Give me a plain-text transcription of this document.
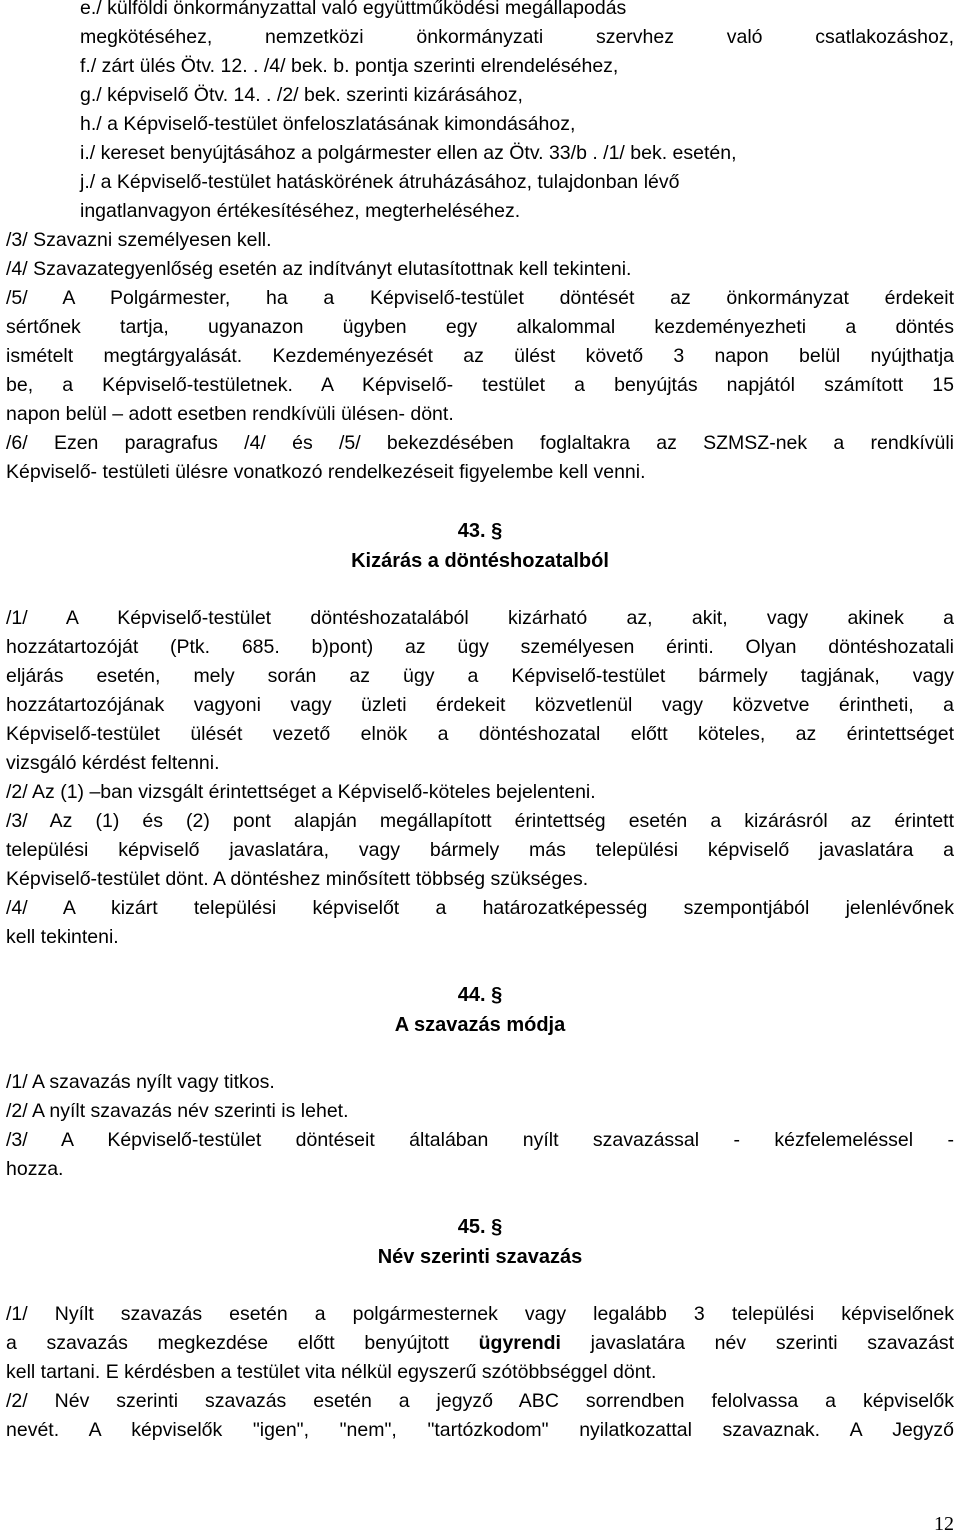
e./ külföldi önkormányzattal való együttműködési megállapodás
megkötéséhez, nemzetközi önkormányzati szervhez való csatlakozáshoz,
f./ zárt ülés Ötv. 12. . /4/ bek. b. pontja szerinti elrendeléséhez,
g./ képviselő Ötv. 14. . /2/ bek. szerinti kizárásához,
h./ a Képviselő-testület önfeloszlatásának kimondásához,
i./ kereset benyújtásához a polgármester ellen az Ötv. 33/b . /1/ bek. esetén,
j./ a Képviselő-testület hatáskörének átruházásához, tulajdonban lévő
ingatlanvagyon értékesítéséhez, megterheléséhez.
/3/ Szavazni személyesen kell.
/4/ Szavazategyenlőség esetén az indítványt elutasítottnak kell tekinteni.
/5/ A Polgármester, ha a Képviselő-testület döntését az önkormányzat érdekeit
sértőnek tartja, ugyanazon ügyben egy alkalommal kezdeményezheti a döntés
ismételt megtárgyalását. Kezdeményezését az ülést követő 3 napon belül nyújthatja
be, a Képviselő-testületnek. A Képviselő- testület a benyújtás napjától számított 15
napon belül – adott esetben rendkívüli ülésen- dönt.
/6/ Ezen paragrafus /4/ és /5/ bekezdésében foglaltakra az SZMSZ-nek a rendkívüli
Képviselő- testületi ülésre vonatkozó rendelkezéseit figyelembe kell venni.
43. §
Kizárás a döntéshozatalból
/1/ A Képviselő-testület döntéshozatalából kizárható az, akit, vagy akinek a
hozzátartozóját (Ptk. 685. b)pont) az ügy személyesen érinti. Olyan döntéshozatali
eljárás esetén, mely során az ügy a Képviselő-testület bármely tagjának, vagy
hozzátartozójának vagyoni vagy üzleti érdekeit közvetlenül vagy közvetve érintheti, a
Képviselő-testület ülését vezető elnök a döntéshozatal előtt köteles, az érintettséget
vizsgáló kérdést feltenni.
/2/ Az (1) –ban vizsgált érintettséget a Képviselő-köteles bejelenteni.
/3/ Az (1) és (2) pont alapján megállapított érintettség esetén a kizárásról az érintett
települési képviselő javaslatára, vagy bármely más települési képviselő javaslatára a
Képviselő-testület dönt. A döntéshez minősített többség szükséges.
/4/ A kizárt települési képviselőt a határozatképesség szempontjából jelenlévőnek
kell tekinteni.
44. §
A szavazás módja
/1/ A szavazás nyílt vagy titkos.
/2/ A nyílt szavazás név szerinti is lehet.
/3/ A Képviselő-testület döntéseit általában nyílt szavazással - kézfelemeléssel -
hozza.
45. §
Név szerinti szavazás
/1/ Nyílt szavazás esetén a polgármesternek vagy legalább 3 települési képviselőnek
a szavazás megkezdése előtt benyújtott ügyrendi javaslatára név szerinti szavazást
kell tartani. E kérdésben a testület vita nélkül egyszerű szótöbbséggel dönt.
/2/ Név szerinti szavazás esetén a jegyző ABC sorrendben felolvassa a képviselők
nevét. A képviselők "igen", "nem", "tartózkodom" nyilatkozattal szavaznak. A Jegyző
12
